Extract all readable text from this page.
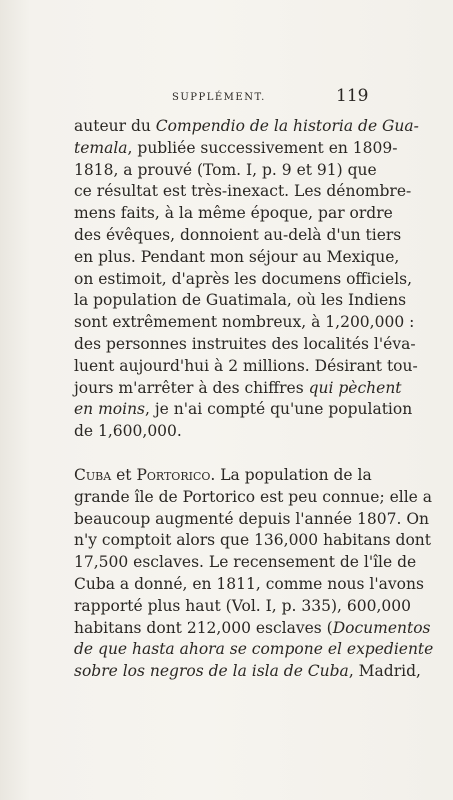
SUPPLÉMENT.	119
auteur du Compendio de la historia de Gua-
temala, publiée successivement en 1809-
1818, a prouvé (Tom. I, p. 9 et 91) que
ce résultat est très-inexact. Les dénombre-
mens faits, à la même époque, par ordre
des évêques, donnoient au-delà d'un tiers
en plus. Pendant mon séjour au Mexique,
on estimoit, d'après les documens officiels,
la population de Guatimala, où les Indiens
sont extrêmement nombreux, à 1,200,000 :
des personnes instruites des localités l'éva-
luent aujourd'hui à 2 millions. Désirant tou-
jours m'arrêter à des chiffres qui pèchent
en moins, je n'ai compté qu'une population
de 1,600,000.
Cuba et Portorico. La population de la
grande île de Portorico est peu connue; elle a
beaucoup augmenté depuis l'année 1807. On
n'y comptoit alors que 136,000 habitans dont
17,500 esclaves. Le recensement de l'île de
Cuba a donné, en 1811, comme nous l'avons
rapporté plus haut (Vol. I, p. 335), 600,000
habitans dont 212,000 esclaves (Documentos
de que hasta ahora se compone el expediente
sobre los negros de la isla de Cuba, Madrid,
